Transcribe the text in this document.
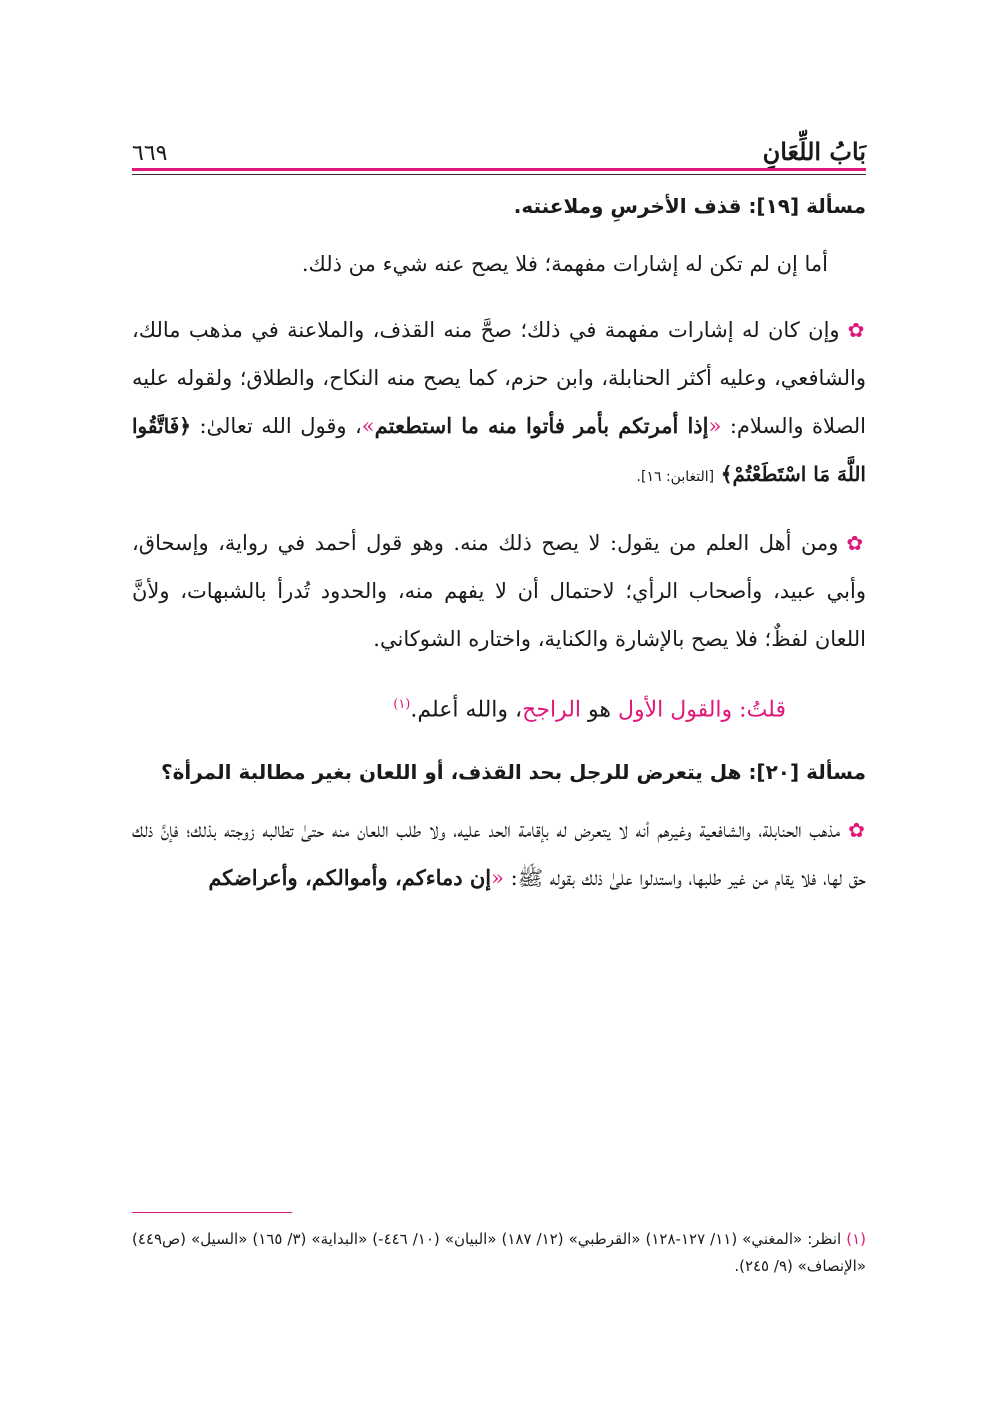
بَابُ اللِّعَانِ
٦٦٩
مسألة [١٩]: قذف الأخرسِ وملاعنته.

أما إن لم تكن له إشارات مفهمة؛ فلا يصح عنه شيء من ذلك.

✿وإن كان له إشارات مفهمة في ذلك؛ صحَّ منه القذف، والملاعنة في مذهب مالك، والشافعي، وعليه أكثر الحنابلة، وابن حزم، كما يصح منه النكاح، والطلاق؛ ولقوله عليه الصلاة والسلام: «إذا أمرتكم بأمر فأتوا منه ما استطعتم»، وقول الله تعالىٰ: ﴿فَاتَّقُوا اللَّهَ مَا اسْتَطَعْتُمْ﴾ [التغابن: ١٦].

✿ومن أهل العلم من يقول: لا يصح ذلك منه. وهو قول أحمد في رواية، وإسحاق، وأبي عبيد، وأصحاب الرأي؛ لاحتمال أن لا يفهم منه، والحدود تُدرأ بالشبهات، ولأنَّ اللعان لفظٌ؛ فلا يصح بالإشارة والكناية، واختاره الشوكاني.

قلتُ: والقول الأول هو الراجح، والله أعلم.$^{(١)}$

مسألة [٢٠]: هل يتعرض للرجل بحد القذف، أو اللعان بغير مطالبة المرأة؟

✿مذهب الحنابلة، والشافعية وغيرهم أنه لا يتعرض له بإقامة الحد عليه، ولا طلب اللعان منه حتىٰ تطالبه زوجته بذلك؛ فإنَّ ذلك حق لها، فلا يقام من غير طلبها، واستدلوا علىٰ ذلك بقوله ﷺ: «إن دماءكم، وأموالكم، وأعراضكم

(١) انظر: «المغني» (١١/ ١٢٧-١٢٨) «القرطبي» (١٢/ ١٨٧) «البيان» (١٠/ ٤٤٦-) «البداية» (٣/ ١٦٥) «السيل» (ص٤٤٩) «الإنصاف» (٩/ ٢٤٥).
